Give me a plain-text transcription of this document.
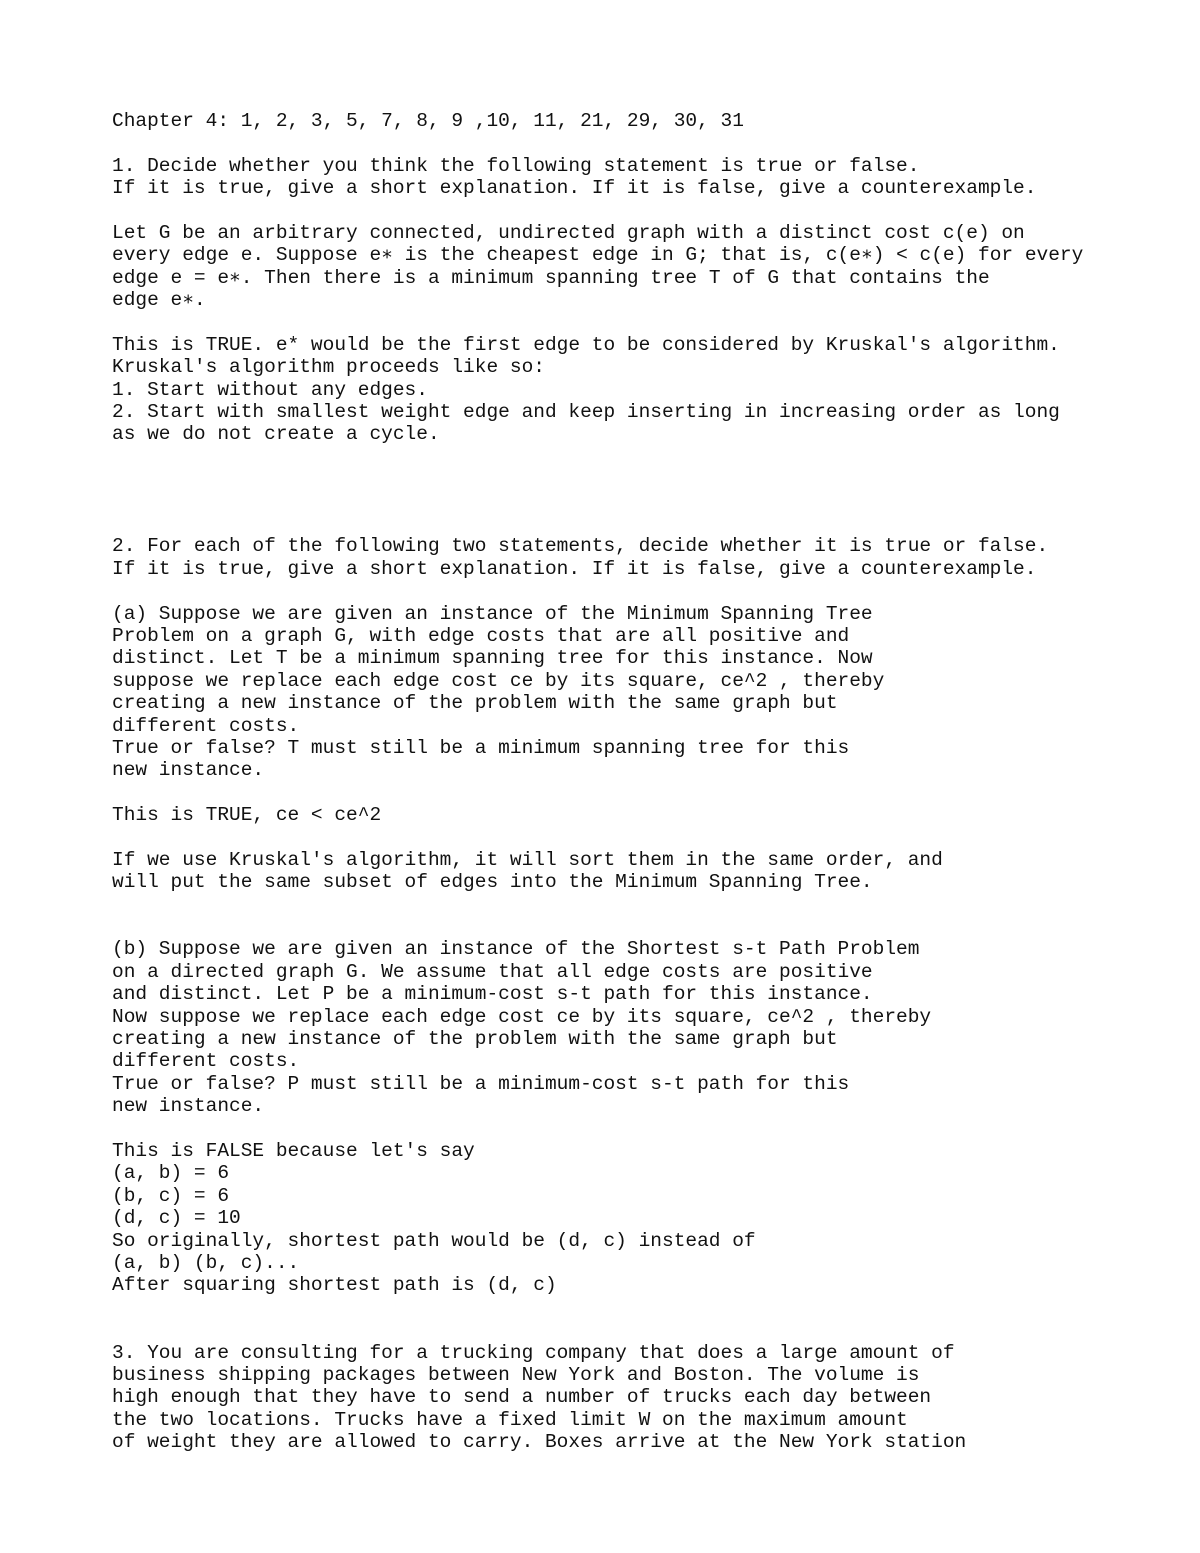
Chapter 4: 1, 2, 3, 5, 7, 8, 9 ,10, 11, 21, 29, 30, 31
1. Decide whether you think the following statement is true or false.
If it is true, give a short explanation. If it is false, give a counterexample.
Let G be an arbitrary connected, undirected graph with a distinct cost c(e) on
every edge e. Suppose e∗ is the cheapest edge in G; that is, c(e∗) < c(e) for every
edge e = e∗. Then there is a minimum spanning tree T of G that contains the
edge e∗.
This is TRUE. e* would be the first edge to be considered by Kruskal's algorithm.
Kruskal's algorithm proceeds like so:
1. Start without any edges.
2. Start with smallest weight edge and keep inserting in increasing order as long
as we do not create a cycle.
2. For each of the following two statements, decide whether it is true or false.
If it is true, give a short explanation. If it is false, give a counterexample.
(a) Suppose we are given an instance of the Minimum Spanning Tree
Problem on a graph G, with edge costs that are all positive and
distinct. Let T be a minimum spanning tree for this instance. Now
suppose we replace each edge cost ce by its square, ce^2 , thereby
creating a new instance of the problem with the same graph but
different costs.
True or false? T must still be a minimum spanning tree for this
new instance.
This is TRUE, ce < ce^2
If we use Kruskal's algorithm, it will sort them in the same order, and
will put the same subset of edges into the Minimum Spanning Tree.
(b) Suppose we are given an instance of the Shortest s-t Path Problem
on a directed graph G. We assume that all edge costs are positive
and distinct. Let P be a minimum-cost s-t path for this instance.
Now suppose we replace each edge cost ce by its square, ce^2 , thereby
creating a new instance of the problem with the same graph but
different costs.
True or false? P must still be a minimum-cost s-t path for this
new instance.
This is FALSE because let's say
(a, b) = 6
(b, c) = 6
(d, c) = 10
So originally, shortest path would be (d, c) instead of
(a, b) (b, c)...
After squaring shortest path is (d, c)
3. You are consulting for a trucking company that does a large amount of
business shipping packages between New York and Boston. The volume is
high enough that they have to send a number of trucks each day between
the two locations. Trucks have a fixed limit W on the maximum amount
of weight they are allowed to carry. Boxes arrive at the New York station
